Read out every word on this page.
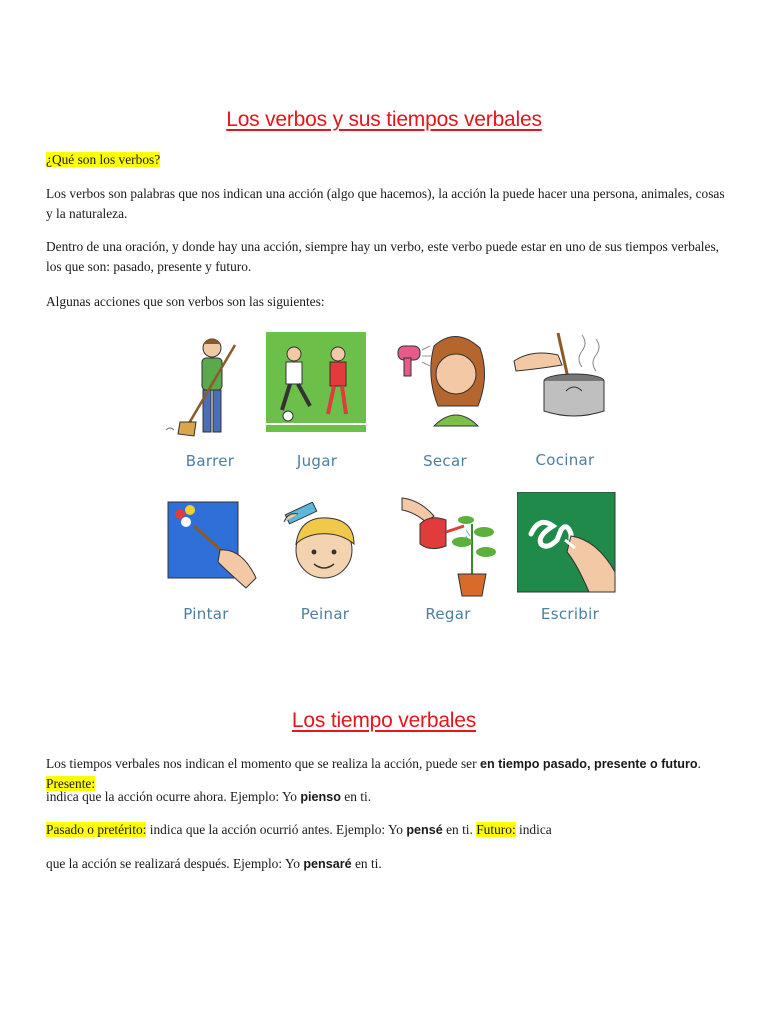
Los verbos y sus tiempos verbales

¿Qué son los verbos?

Los verbos son palabras que nos indican una acción (algo que hacemos), la acción la puede hacer una persona, animales, cosas y la naturaleza.

Dentro de una oración, y donde hay una acción, siempre hay un verbo, este verbo puede estar en uno de sus tiempos verbales, los que son: pasado, presente y futuro.

Algunas acciones que son verbos son las siguientes:

Barrer	Jugar	Secar	Cocinar
Pintar	Peinar	Regar	Escribir
Los tiempo verbales

Los tiempos verbales nos indican el momento que se realiza la acción, puede ser en tiempo pasado, presente o futuro. Presente:

indica que la acción ocurre ahora. Ejemplo: Yo pienso en ti.

Pasado o pretérito: indica que la acción ocurrió antes. Ejemplo: Yo pensé en ti. Futuro: indica

que la acción se realizará después. Ejemplo: Yo pensaré en ti.
